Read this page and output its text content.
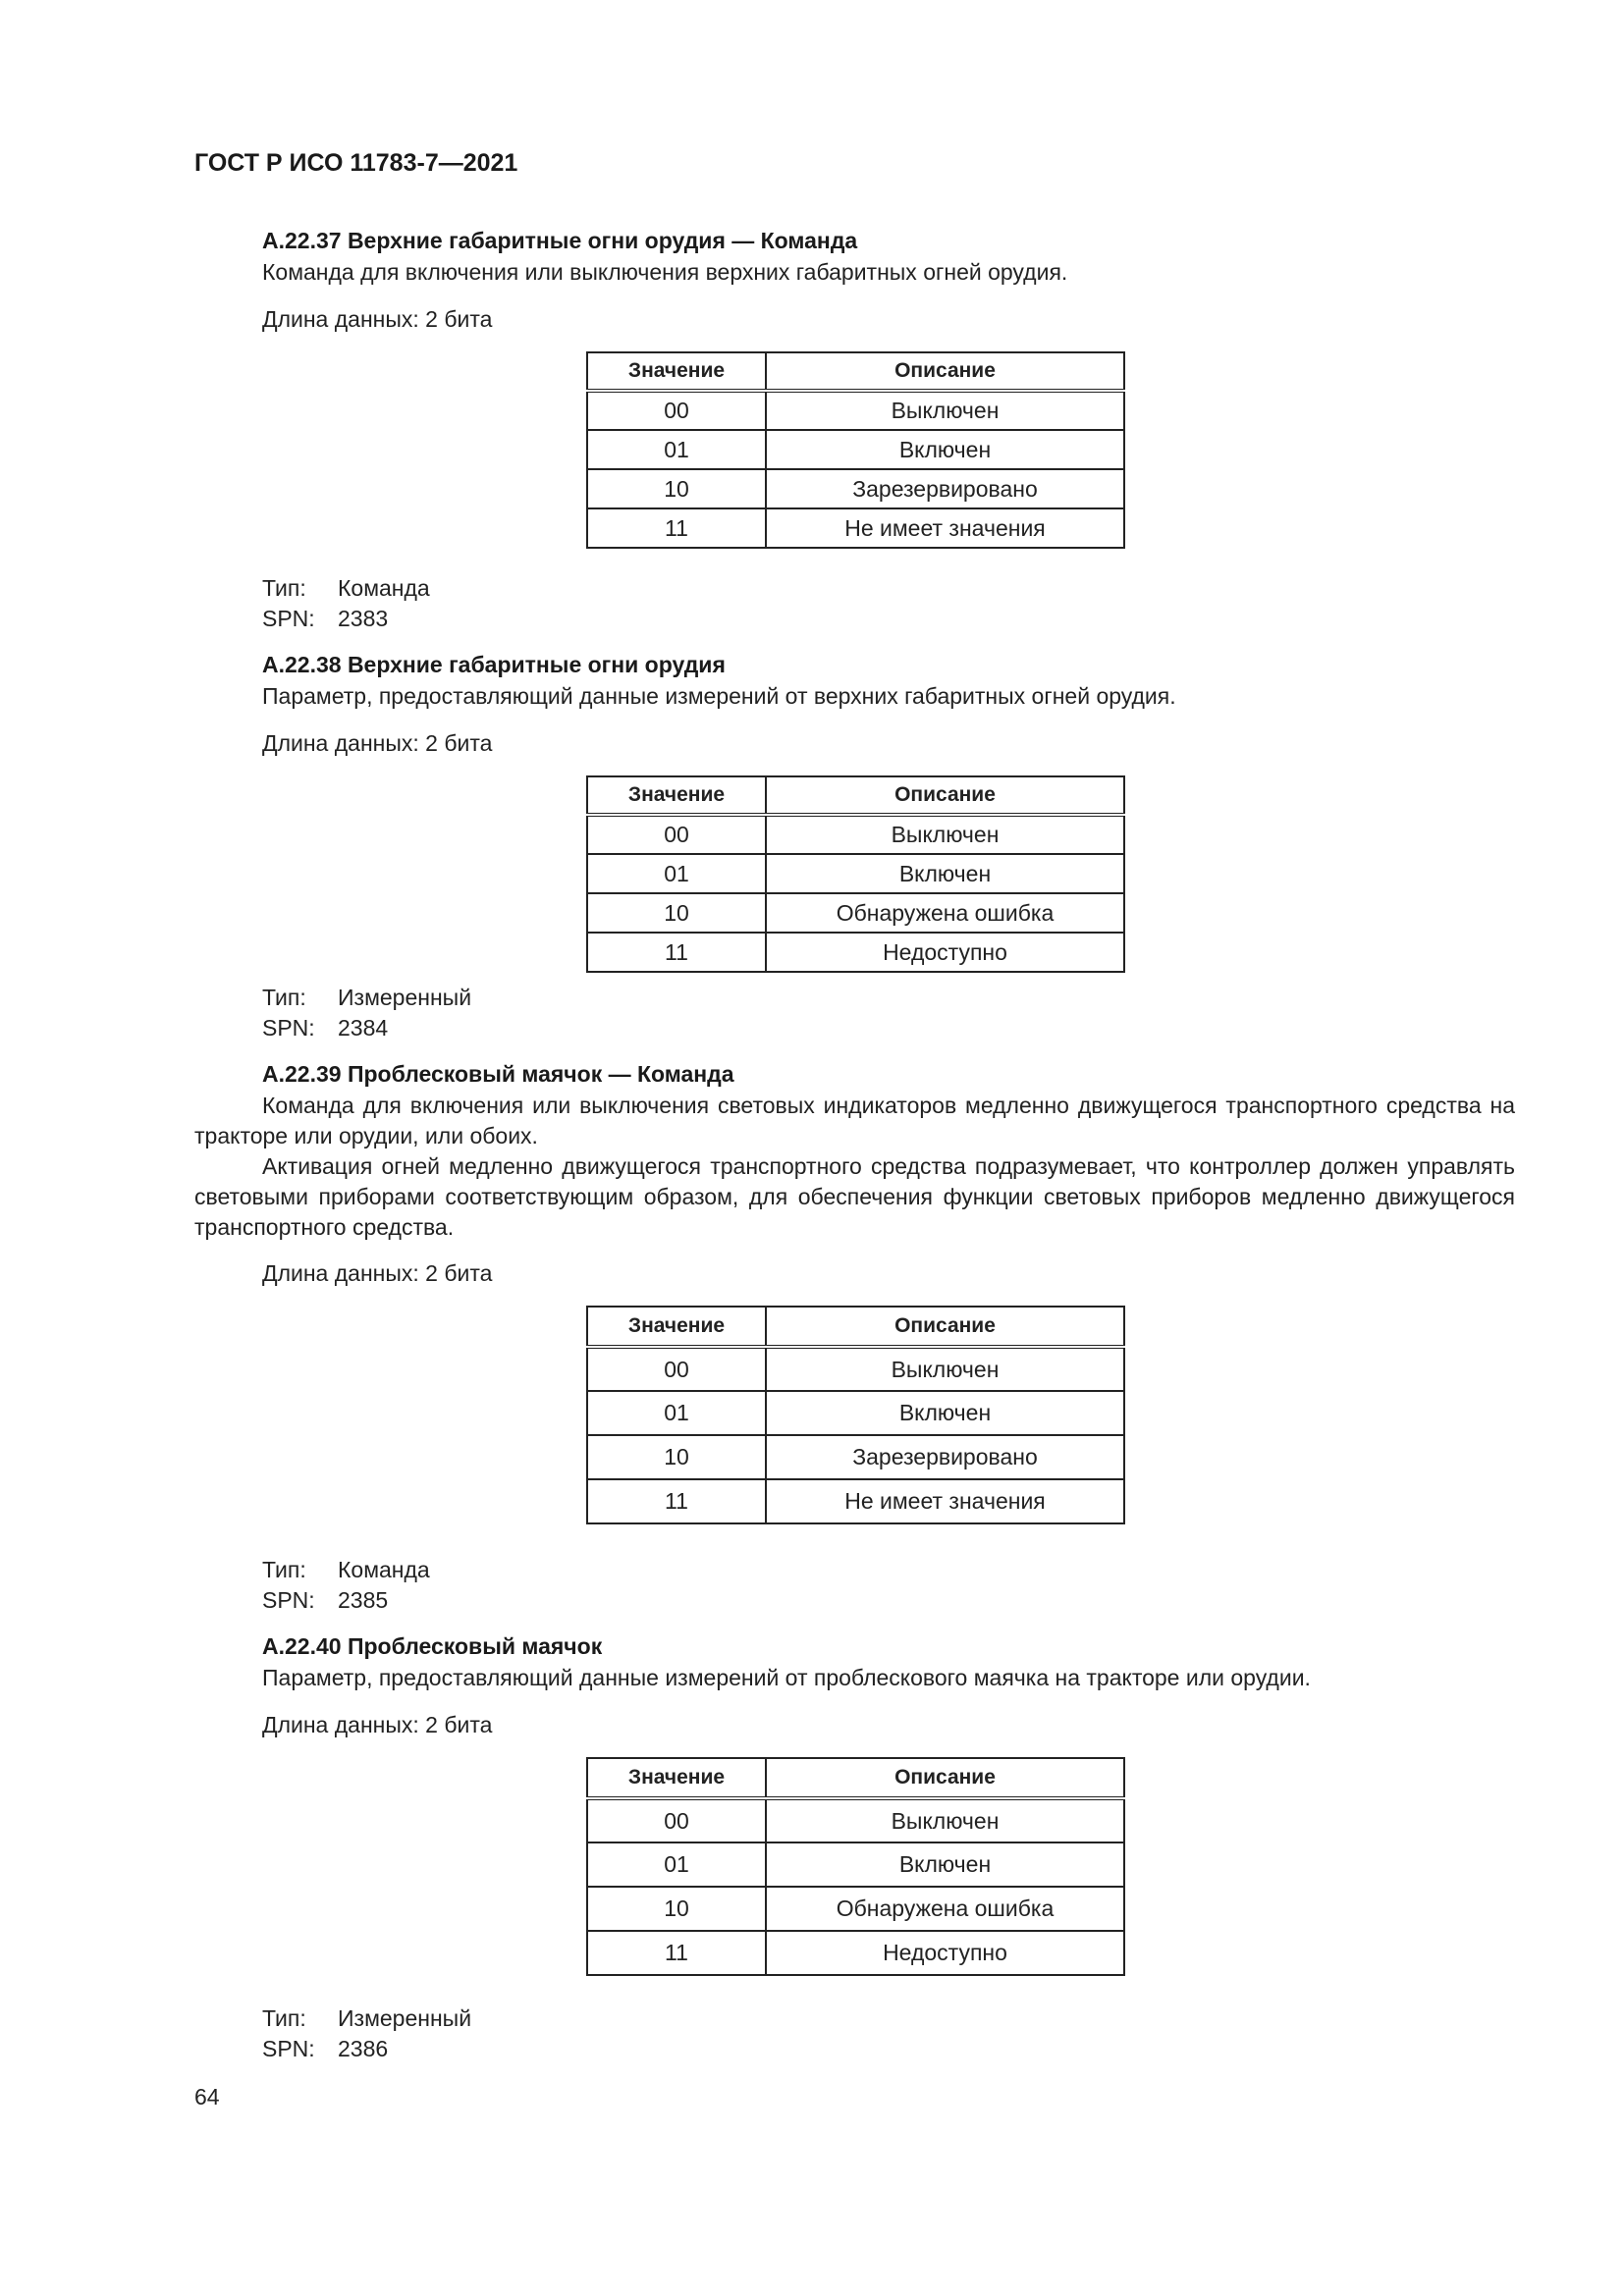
ГОСТ Р ИСО 11783-7—2021
А.22.37 Верхние габаритные огни орудия — Команда
Команда для включения или выключения верхних габаритных огней орудия.
Длина данных: 2 бита
Значение	Описание
00	Выключен
01	Включен
10	Зарезервировано
11	Не имеет значения
Тип: Команда
SPN: 2383
А.22.38 Верхние габаритные огни орудия
Параметр, предоставляющий данные измерений от верхних габаритных огней орудия.
Длина данных: 2 бита
Значение	Описание
00	Выключен
01	Включен
10	Обнаружена ошибка
11	Недоступно
Тип: Измеренный
SPN: 2384
А.22.39 Проблесковый маячок — Команда
Команда для включения или выключения световых индикаторов медленно движущегося транспортного средства на тракторе или орудии, или обоих.
Активация огней медленно движущегося транспортного средства подразумевает, что контроллер должен управлять световыми приборами соответствующим образом, для обеспечения функции световых приборов медленно движущегося транспортного средства.
Длина данных: 2 бита
Значение	Описание
00	Выключен
01	Включен
10	Зарезервировано
11	Не имеет значения
Тип: Команда
SPN: 2385
А.22.40 Проблесковый маячок
Параметр, предоставляющий данные измерений от проблескового маячка на тракторе или орудии.
Длина данных: 2 бита
Значение	Описание
00	Выключен
01	Включен
10	Обнаружена ошибка
11	Недоступно
Тип: Измеренный
SPN: 2386
64
